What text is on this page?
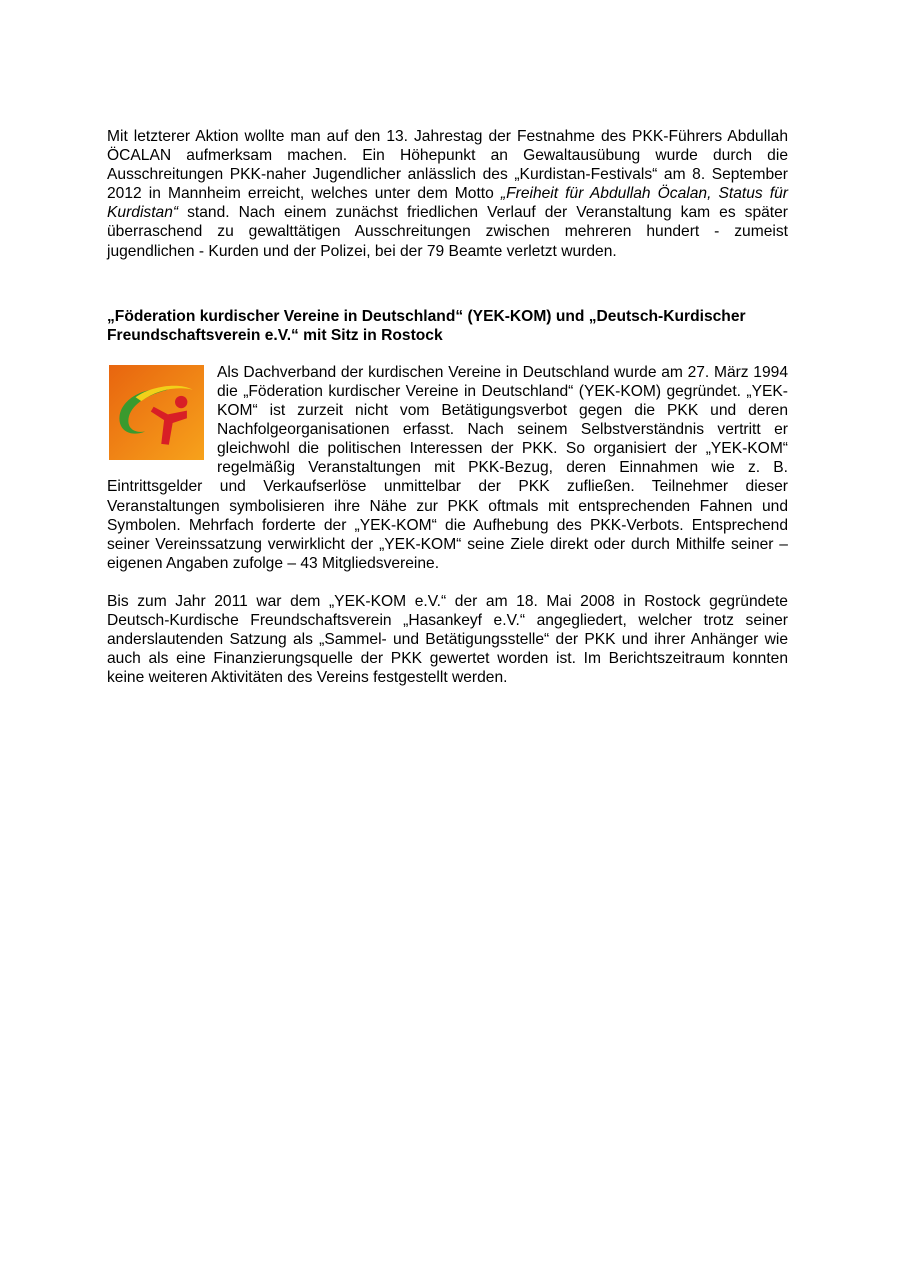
Mit letzterer Aktion wollte man auf den 13. Jahrestag der Festnahme des PKK-Führers Abdullah ÖCALAN aufmerksam machen. Ein Höhepunkt an Gewaltausübung wurde durch die Ausschreitungen PKK-naher Jugendlicher anlässlich des „Kurdistan-Festivals“ am 8. September 2012 in Mannheim erreicht, welches unter dem Motto „Freiheit für Abdullah Öcalan, Status für Kurdistan“ stand. Nach einem zunächst friedlichen Verlauf der Veranstaltung kam es später überraschend zu gewalttätigen Ausschreitungen zwischen mehreren hundert - zumeist jugendlichen - Kurden und der Polizei, bei der 79 Beamte verletzt wurden.

„Föderation kurdischer Vereine in Deutschland“ (YEK-KOM) und „Deutsch-Kurdischer Freundschaftsverein e.V.“ mit Sitz in Rostock

Als Dachverband der kurdischen Vereine in Deutschland wurde am 27. März 1994 die „Föderation kurdischer Vereine in Deutschland“ (YEK-KOM) gegründet. „YEK-KOM“ ist zurzeit nicht vom Betätigungsverbot gegen die PKK und deren Nachfolgeorganisationen erfasst. Nach seinem Selbstverständnis vertritt er gleichwohl die politischen Interessen der PKK. So organisiert der „YEK-KOM“ regelmäßig Veranstaltungen mit PKK-Bezug, deren Einnahmen wie z. B. Eintrittsgelder und Verkaufserlöse unmittelbar der PKK zufließen. Teilnehmer dieser Veranstaltungen symbolisieren ihre Nähe zur PKK oftmals mit entsprechenden Fahnen und Symbolen. Mehrfach forderte der „YEK-KOM“ die Aufhebung des PKK-Verbots. Entsprechend seiner Vereinssatzung verwirklicht der „YEK-KOM“ seine Ziele direkt oder durch Mithilfe seiner – eigenen Angaben zufolge – 43 Mitgliedsvereine.

Bis zum Jahr 2011 war dem „YEK-KOM e.V.“ der am 18. Mai 2008 in Rostock gegründete Deutsch-Kurdische Freundschaftsverein „Hasankeyf e.V.“ angegliedert, welcher trotz seiner anderslautenden Satzung als „Sammel- und Betätigungsstelle“ der PKK und ihrer Anhänger wie auch als eine Finanzierungsquelle der PKK gewertet worden ist. Im Berichtszeitraum konnten keine weiteren Aktivitäten des Vereins festgestellt werden.
